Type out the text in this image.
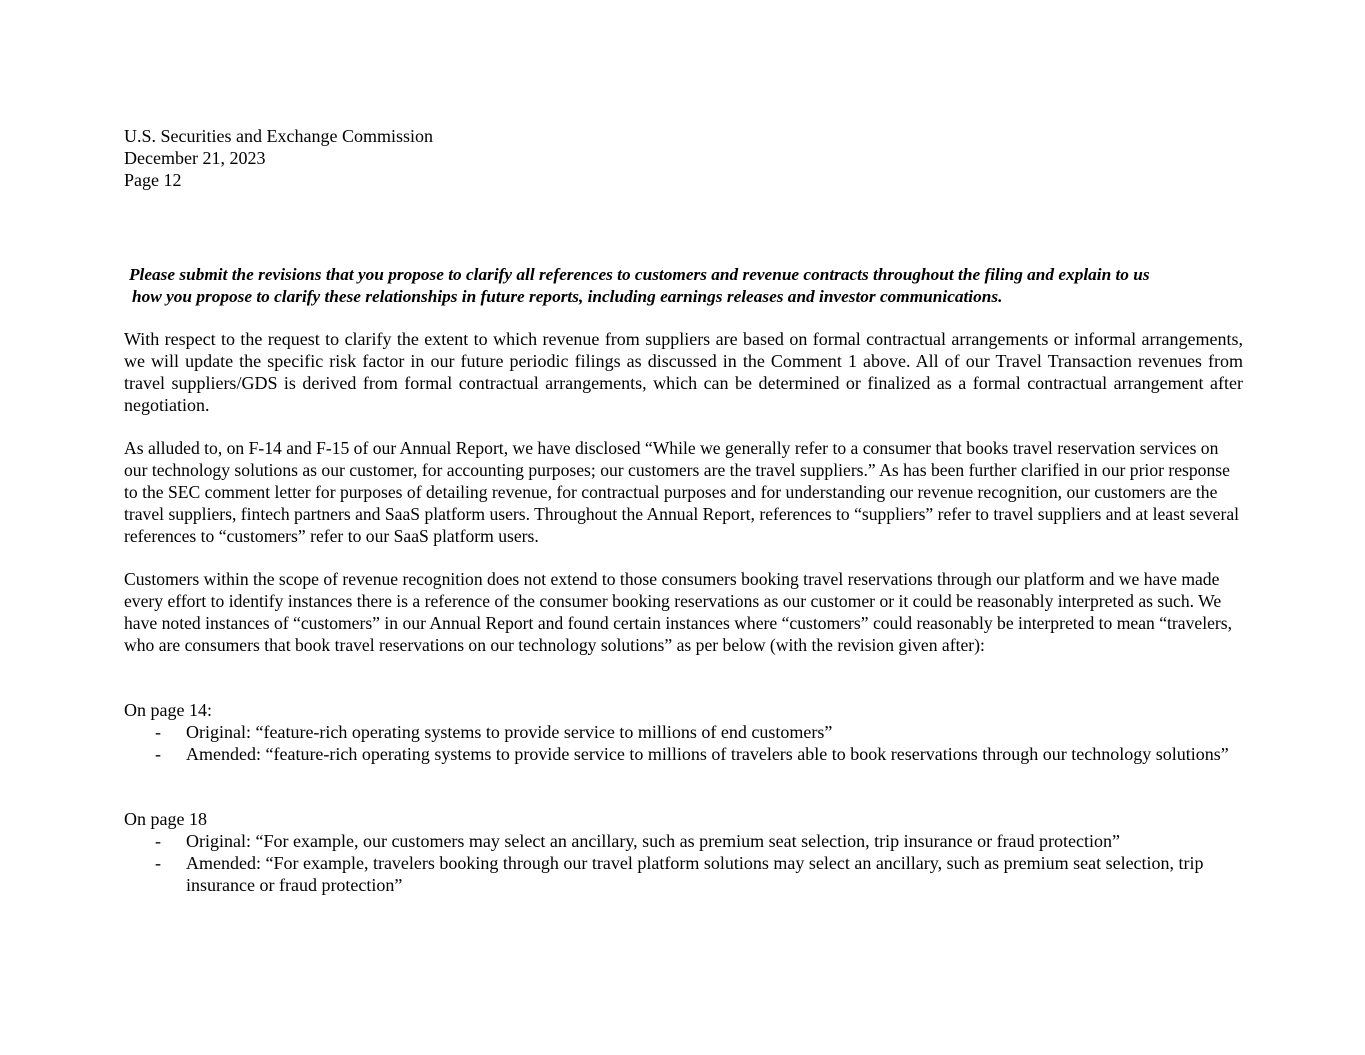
U.S. Securities and Exchange Commission
December 21, 2023
Page 12

Please submit the revisions that you propose to clarify all references to customers and revenue contracts throughout the filing and explain to us
how you propose to clarify these relationships in future reports, including earnings releases and investor communications.

With respect to the request to clarify the extent to which revenue from suppliers are based on formal contractual arrangements or informal arrangements, we will update the specific risk factor in our future periodic filings as discussed in the Comment 1 above. All of our Travel Transaction revenues from travel suppliers/GDS is derived from formal contractual arrangements, which can be determined or finalized as a formal contractual arrangement after negotiation.

As alluded to, on F-14 and F-15 of our Annual Report, we have disclosed “While we generally refer to a consumer that books travel reservation services on our technology solutions as our customer, for accounting purposes; our customers are the travel suppliers.” As has been further clarified in our prior response to the SEC comment letter for purposes of detailing revenue, for contractual purposes and for understanding our revenue recognition, our customers are the travel suppliers, fintech partners and SaaS platform users. Throughout the Annual Report, references to “suppliers” refer to travel suppliers and at least several references to “customers” refer to our SaaS platform users.

Customers within the scope of revenue recognition does not extend to those consumers booking travel reservations through our platform and we have made every effort to identify instances there is a reference of the consumer booking reservations as our customer or it could be reasonably interpreted as such. We have noted instances of “customers” in our Annual Report and found certain instances where “customers” could reasonably be interpreted to mean “travelers, who are consumers that book travel reservations on our technology solutions” as per below (with the revision given after):

On page 14:

- Original: “feature-rich operating systems to provide service to millions of end customers”
- Amended: “feature-rich operating systems to provide service to millions of travelers able to book reservations through our technology solutions”

On page 18

- Original: “For example, our customers may select an ancillary, such as premium seat selection, trip insurance or fraud protection”
- Amended: “For example, travelers booking through our travel platform solutions may select an ancillary, such as premium seat selection, trip insurance or fraud protection”
